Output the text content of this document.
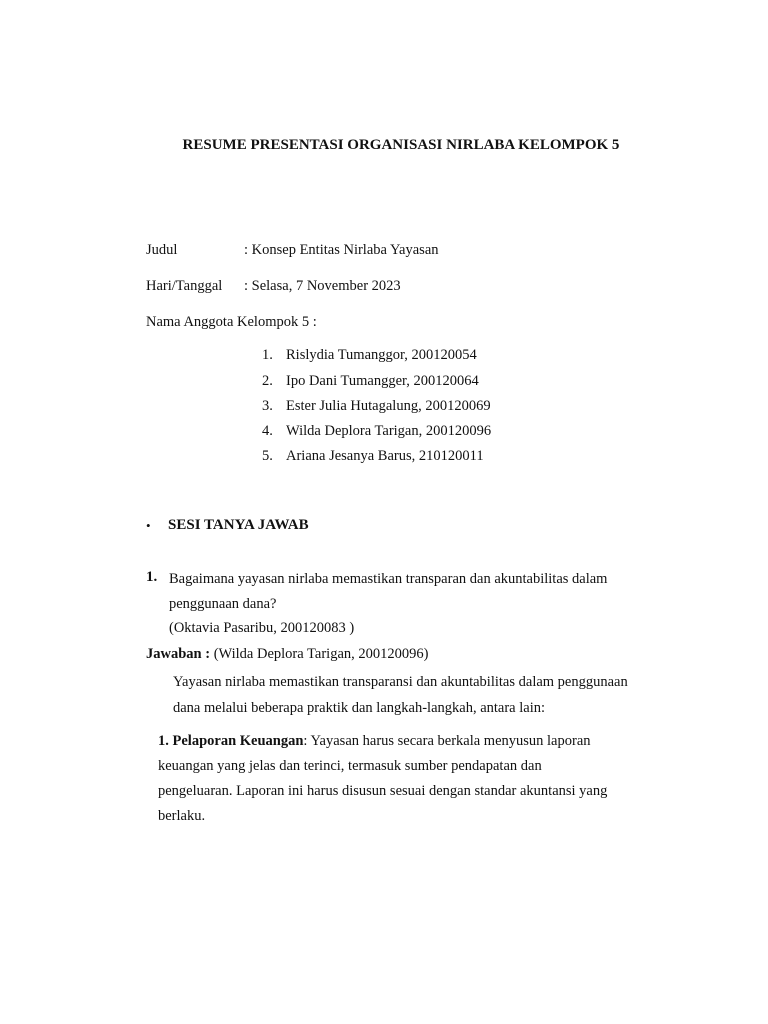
RESUME PRESENTASI ORGANISASI NIRLABA KELOMPOK 5
Judul	: Konsep Entitas Nirlaba Yayasan
Hari/Tanggal : Selasa, 7 November 2023
Nama Anggota Kelompok 5 :
1. Rislydia Tumanggor, 200120054
2. Ipo Dani Tumangger, 200120064
3. Ester Julia Hutagalung, 200120069
4. Wilda Deplora Tarigan, 200120096
5. Ariana Jesanya Barus, 210120011
• SESI TANYA JAWAB
1. Bagaimana yayasan nirlaba memastikan transparan dan akuntabilitas dalam
penggunaan dana?
(Oktavia Pasaribu, 200120083 )
Jawaban : (Wilda Deplora Tarigan, 200120096)
Yayasan nirlaba memastikan transparansi dan akuntabilitas dalam penggunaan
dana melalui beberapa praktik dan langkah-langkah, antara lain:
1. Pelaporan Keuangan: Yayasan harus secara berkala menyusun laporan
keuangan yang jelas dan terinci, termasuk sumber pendapatan dan
pengeluaran. Laporan ini harus disusun sesuai dengan standar akuntansi yang
berlaku.
